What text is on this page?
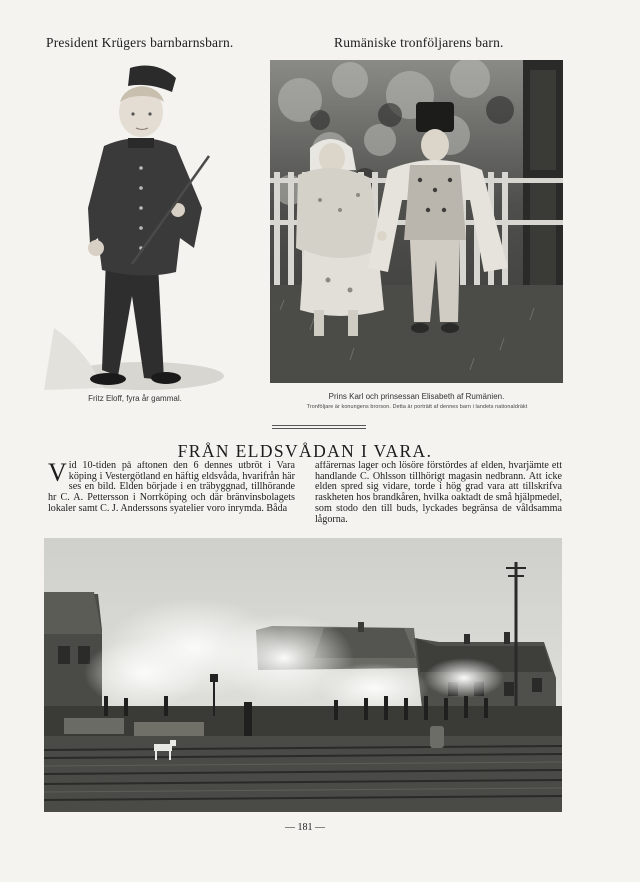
President Krügers barnbarnsbarn.	Rumäniske tronföljarens barn.
Fritz Eloff, fyra år gammal.	Prins Karl och prinsessan Elisabeth af Rumänien.
Tronföljare är konungens brorson. Detta är porträtt af dennes barn i landets nationaldräkt
FRÅN ELDSVÅDAN I VARA.
Vid 10-tiden på aftonen den 6 dennes utbröt i Vara köping i Vestergötland en häftig eldsvåda, hvarifrån här ses en bild. Elden började i en träbyggnad, tillhörande hr C. A. Pettersson i Norrköping och där bränvinsbolagets lokaler samt C. J. Anderssons syatelier voro inrymda. Båda
affärernas lager och lösöre förstördes af elden, hvarjämte ett handlande C. Ohlsson tillhörigt magasin nedbrann. Att icke elden spred sig vidare, torde i hög grad vara att tillskrifva raskheten hos brandkåren, hvilka oaktadt de små hjälpmedel, som stodo den till buds, lyckades begränsa de våldsamma lågorna.
— 181 —
